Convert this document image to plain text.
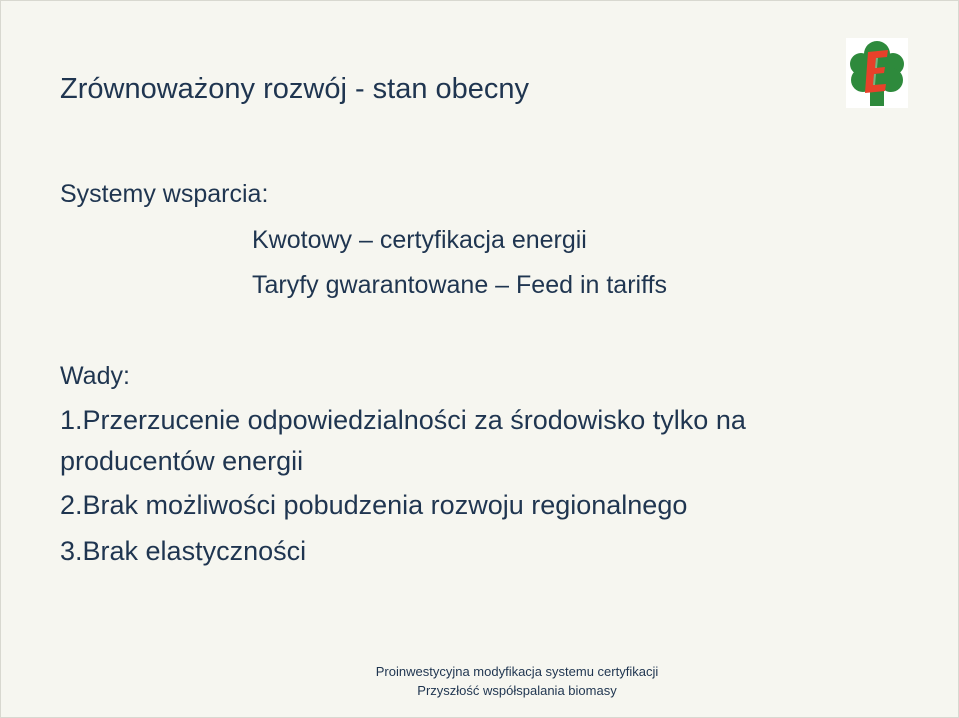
Zrównoważony rozwój - stan obecny
Systemy wsparcia:
Kwotowy – certyfikacja energii
Taryfy gwarantowane – Feed in tariffs
Wady:
1.Przerzucenie odpowiedzialności za środowisko tylko na
producentów energii
2.Brak możliwości pobudzenia rozwoju regionalnego
3.Brak elastyczności
Proinwestycyjna modyfikacja systemu certyfikacji
Przyszłość współspalania biomasy
